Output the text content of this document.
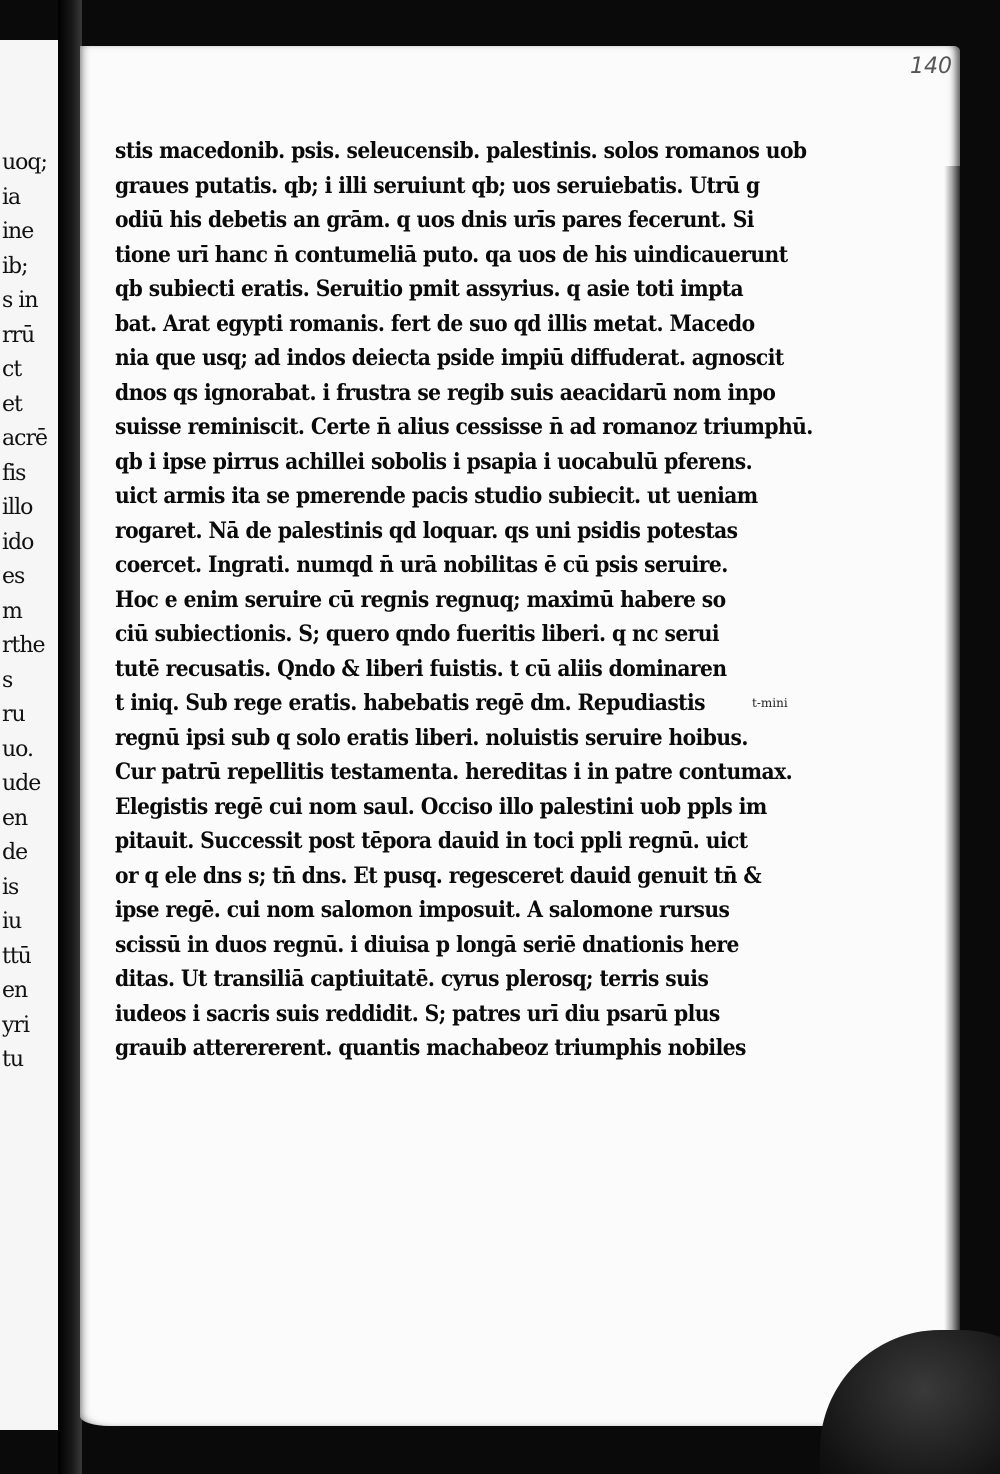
uoq;
ia
ine
ib;
s in
rrū
ct
et
acrē
fis
illo
ido
es
m
rthe
s
ru
uo.
ude
en
de
is
iu
ttū
en
yri
tu
140
stis macedonib. psis. seleucensib. palestinis. solos romanos uob
graues putatis. qb; i illi seruiunt qb; uos seruiebatis. Utrū g
odiū his debetis an grām. q uos dnis urīs pares fecerunt. Si
tione urī hanc n̄ contumeliā puto. qa uos de his uindicauerunt
qb subiecti eratis. Seruitio pmit assyrius. q asie toti impta
bat. Arat egypti romanis. fert de suo qd illis metat. Macedo
nia que usq; ad indos deiecta pside impiū diffuderat. agnoscit
dnos qs ignorabat. i frustra se regib suis aeacidarū nom inpo
suisse reminiscit. Certe n̄ alius cessisse n̄ ad romanoz triumphū.
qb i ipse pirrus achillei sobolis i psapia i uocabulū pferens.
uict armis ita se pmerende pacis studio subiecit. ut ueniam
rogaret. Nā de palestinis qd loquar. qs uni psidis potestas
coercet. Ingrati. numqd n̄ urā nobilitas ē cū psis seruire.
Hoc e enim seruire cū regnis regnuq; maximū habere so
ciū subiectionis. S; quero qndo fueritis liberi. q nc serui
tutē recusatis. Qndo & liberi fuistis. t cū aliis dominaren
t iniq. Sub rege eratis. habebatis regē dm. Repudiastis
regnū ipsi sub q solo eratis liberi. noluistis seruire hoibus.
Cur patrū repellitis testamenta. hereditas i in patre contumax.
Elegistis regē cui nom saul. Occiso illo palestini uob ppls im
pitauit. Successit post tēpora dauid in toci ppli regnū. uict
or q ele dns s; tn̄ dns. Et pusq. regesceret dauid genuit tn̄ &
ipse regē. cui nom salomon imposuit. A salomone rursus
scissū in duos regnū. i diuisa p longā seriē dnationis here
ditas. Ut transiliā captiuitatē. cyrus plerosq; terris suis
iudeos i sacris suis reddidit. S; patres urī diu psarū plus
grauib atterererent. quantis machabeoz triumphis nobiles
t-mini
